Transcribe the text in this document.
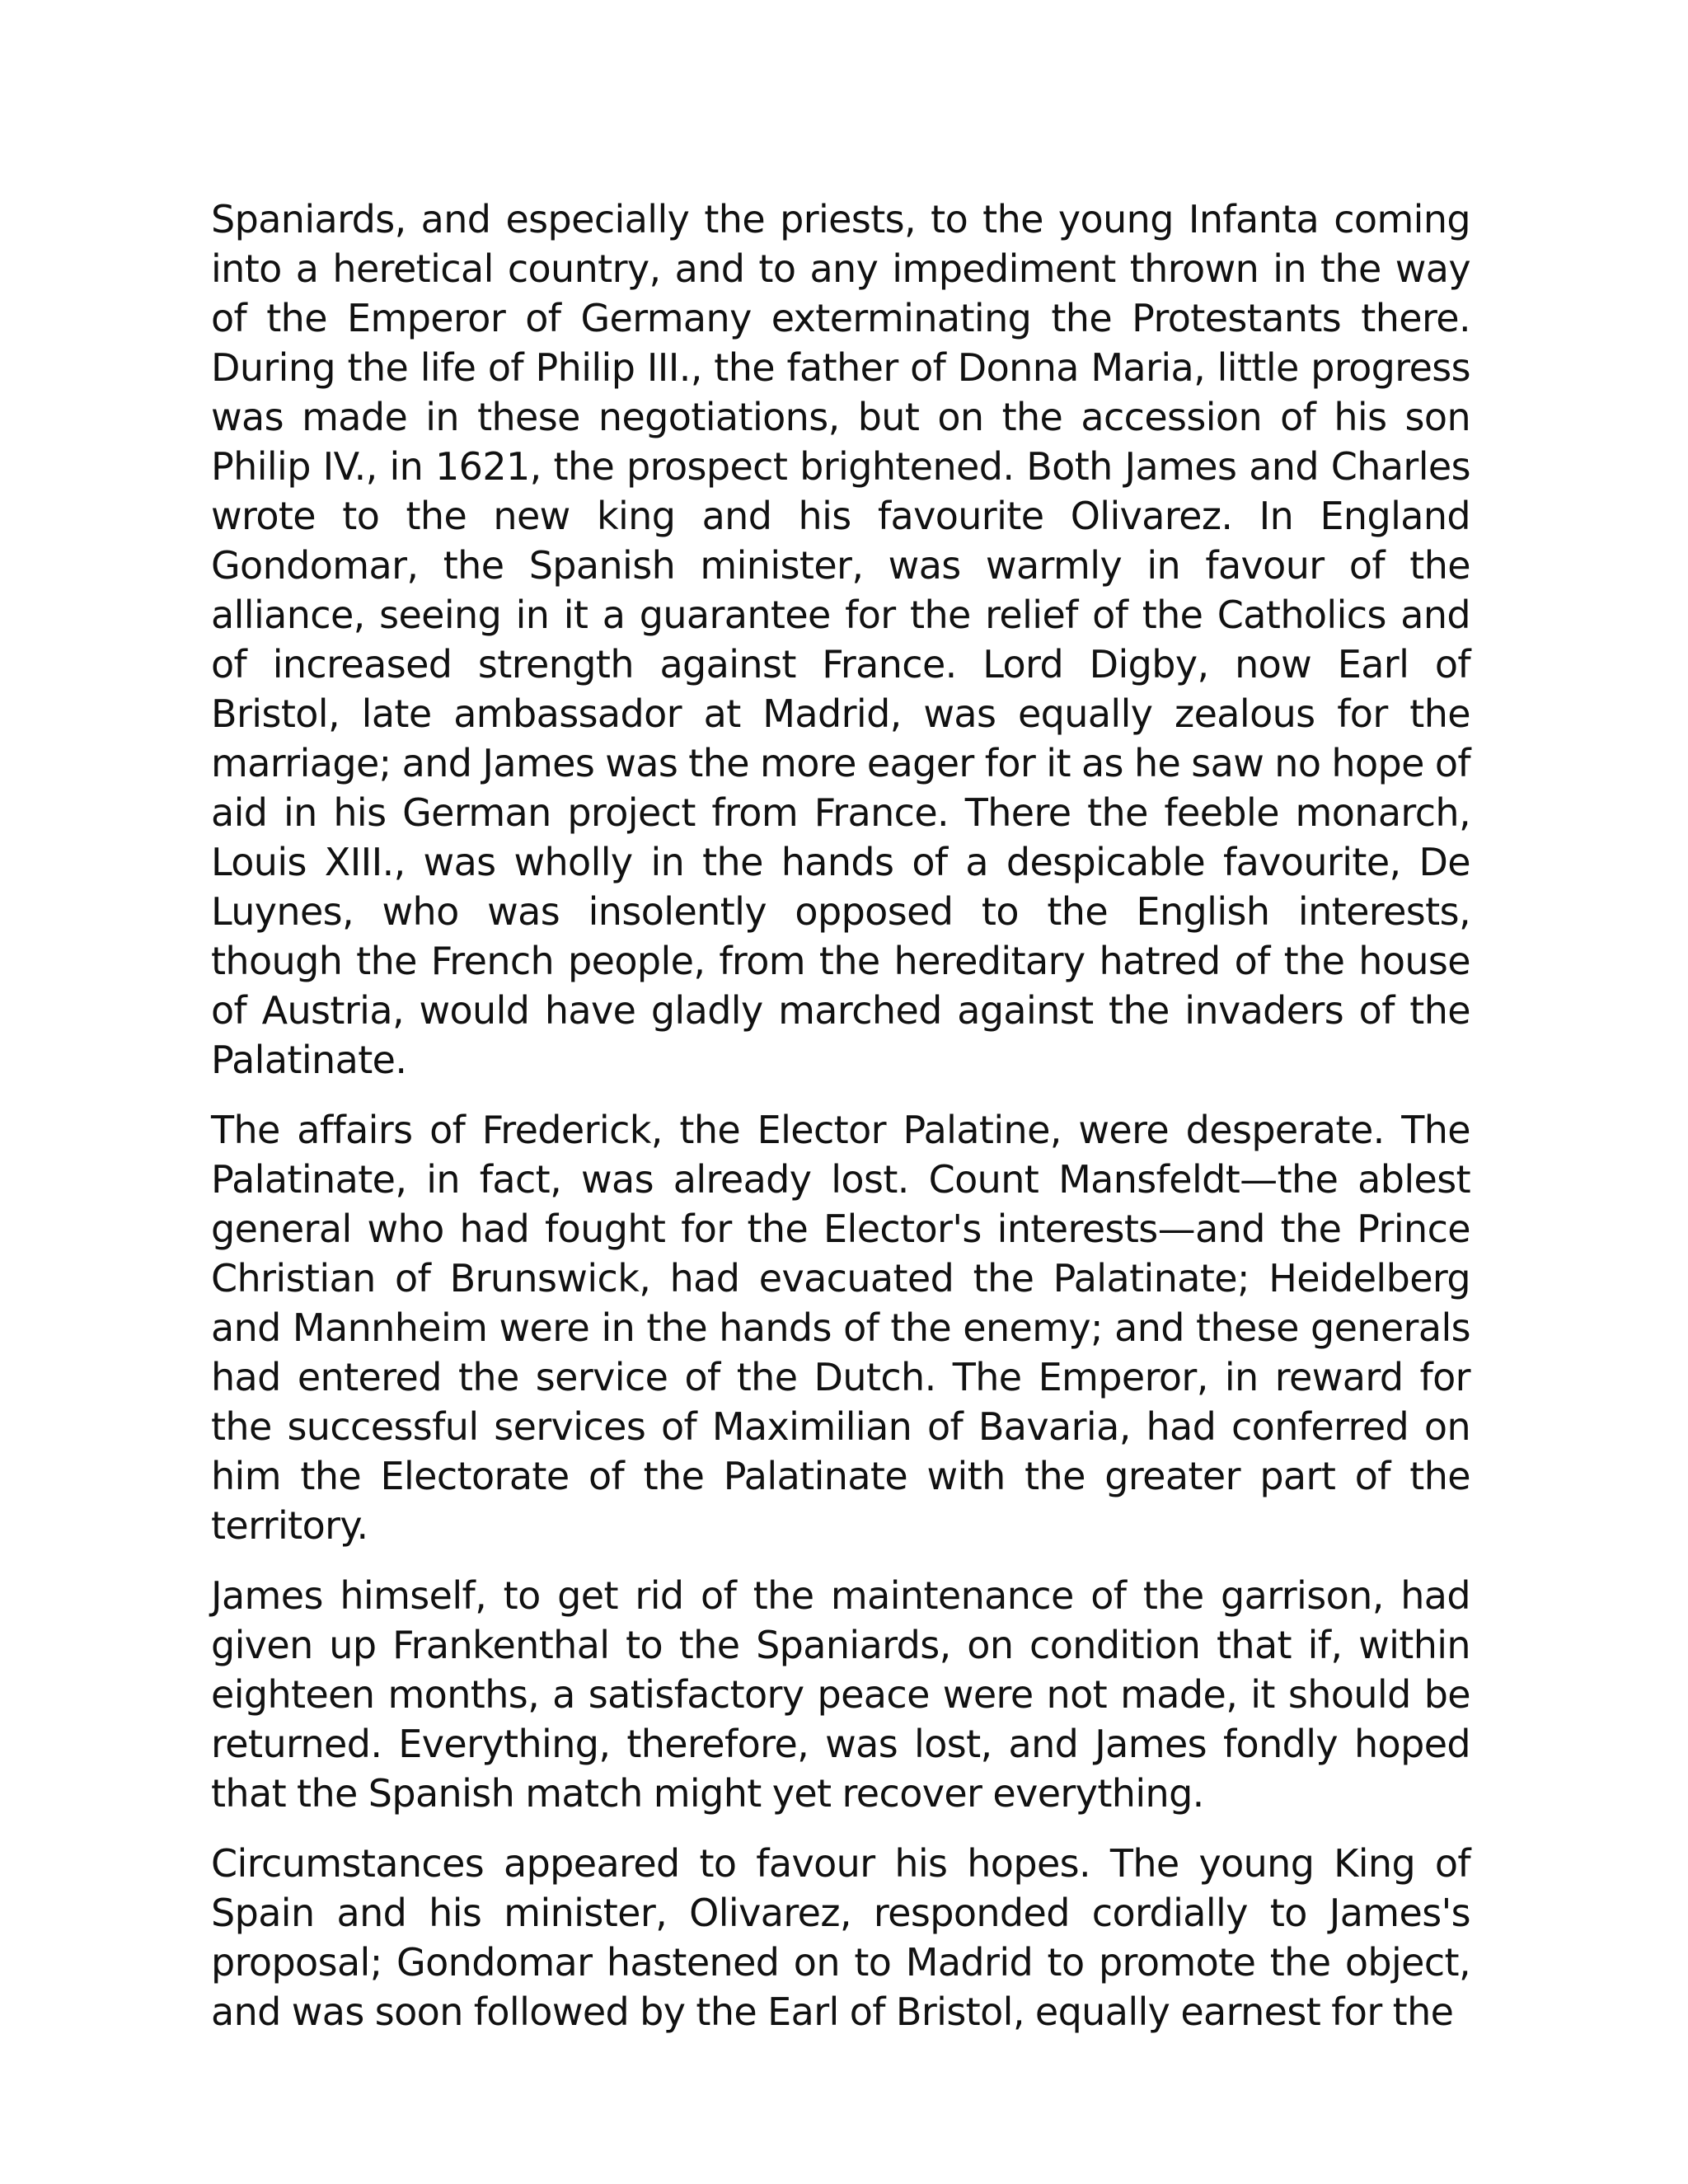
Spaniards, and especially the priests, to the young Infanta coming into a heretical country, and to any impediment thrown in the way of the Emperor of Germany exterminating the Protestants there. During the life of Philip III., the father of Donna Maria, little progress was made in these negotiations, but on the accession of his son Philip IV., in 1621, the prospect brightened. Both James and Charles wrote to the new king and his favourite Olivarez. In England Gondomar, the Spanish minister, was warmly in favour of the alliance, seeing in it a guarantee for the relief of the Catholics and of increased strength against France. Lord Digby, now Earl of Bristol, late ambassador at Madrid, was equally zealous for the marriage; and James was the more eager for it as he saw no hope of aid in his German project from France. There the feeble monarch, Louis XIII., was wholly in the hands of a despicable favourite, De Luynes, who was insolently opposed to the English interests, though the French people, from the hereditary hatred of the house of Austria, would have gladly marched against the invaders of the Palatinate.

The affairs of Frederick, the Elector Palatine, were desperate. The Palatinate, in fact, was already lost. Count Mansfeldt—the ablest general who had fought for the Elector's interests—and the Prince Christian of Brunswick, had evacuated the Palatinate; Heidelberg and Mannheim were in the hands of the enemy; and these generals had entered the service of the Dutch. The Emperor, in reward for the successful services of Maximilian of Bavaria, had conferred on him the Electorate of the Palatinate with the greater part of the territory.

James himself, to get rid of the maintenance of the garrison, had given up Frankenthal to the Spaniards, on condition that if, within eighteen months, a satisfactory peace were not made, it should be returned. Everything, therefore, was lost, and James fondly hoped that the Spanish match might yet recover everything.

Circumstances appeared to favour his hopes. The young King of Spain and his minister, Olivarez, responded cordially to James's proposal; Gondomar hastened on to Madrid to promote the object, and was soon followed by the Earl of Bristol, equally earnest for the
